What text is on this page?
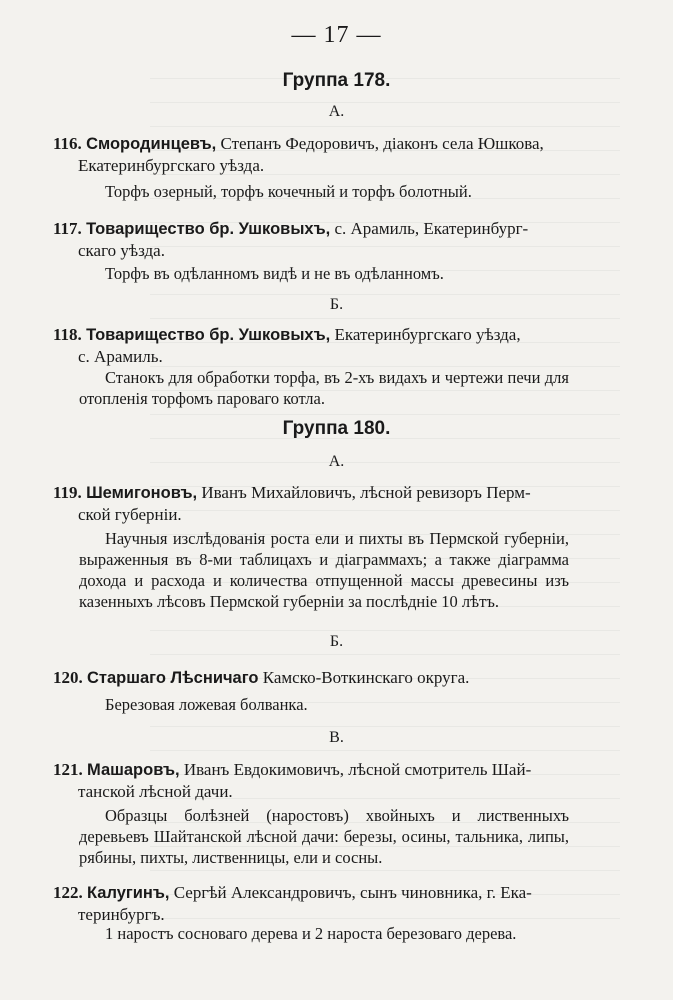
— 17 —
Группа 178.
А.
116. Смородинцевъ, Степанъ Федоровичъ, діаконъ села Юшкова,
Екатеринбургскаго уѣзда.
Торфъ озерный, торфъ кочечный и торфъ болотный.
117. Товарищество бр. Ушковыхъ, с. Арамиль, Екатеринбург-
скаго уѣзда.
Торфъ въ одѣланномъ видѣ и не въ одѣланномъ.
Б.
118. Товарищество бр. Ушковыхъ, Екатеринбургскаго уѣзда,
с. Арамиль.
Станокъ для обработки торфа, въ 2-хъ видахъ и чертежи печи для отопленія торфомъ пароваго котла.
Группа 180.
А.
119. Шемигоновъ, Иванъ Михайловичъ, лѣсной ревизоръ Перм-
ской губерніи.
Научныя изслѣдованія роста ели и пихты въ Пермской губерніи, выраженныя въ 8-ми таблицахъ и діаграммахъ; а также діаграмма дохода и расхода и количества отпущенной массы древесины изъ казенныхъ лѣсовъ Пермской губерніи за послѣдніе 10 лѣтъ.
Б.
120. Старшаго Лѣсничаго Камско-Воткинскаго округа.
Березовая ложевая болванка.
В.
121. Машаровъ, Иванъ Евдокимовичъ, лѣсной смотритель Шай-
танской лѣсной дачи.
Образцы болѣзней (наростовъ) хвойныхъ и лиственныхъ деревьевъ Шайтанской лѣсной дачи: березы, осины, тальника, липы, рябины, пихты, лиственницы, ели и сосны.
122. Калугинъ, Сергѣй Александровичъ, сынъ чиновника, г. Ека-
теринбургъ.
1 наростъ сосноваго дерева и 2 нароста березоваго дерева.
